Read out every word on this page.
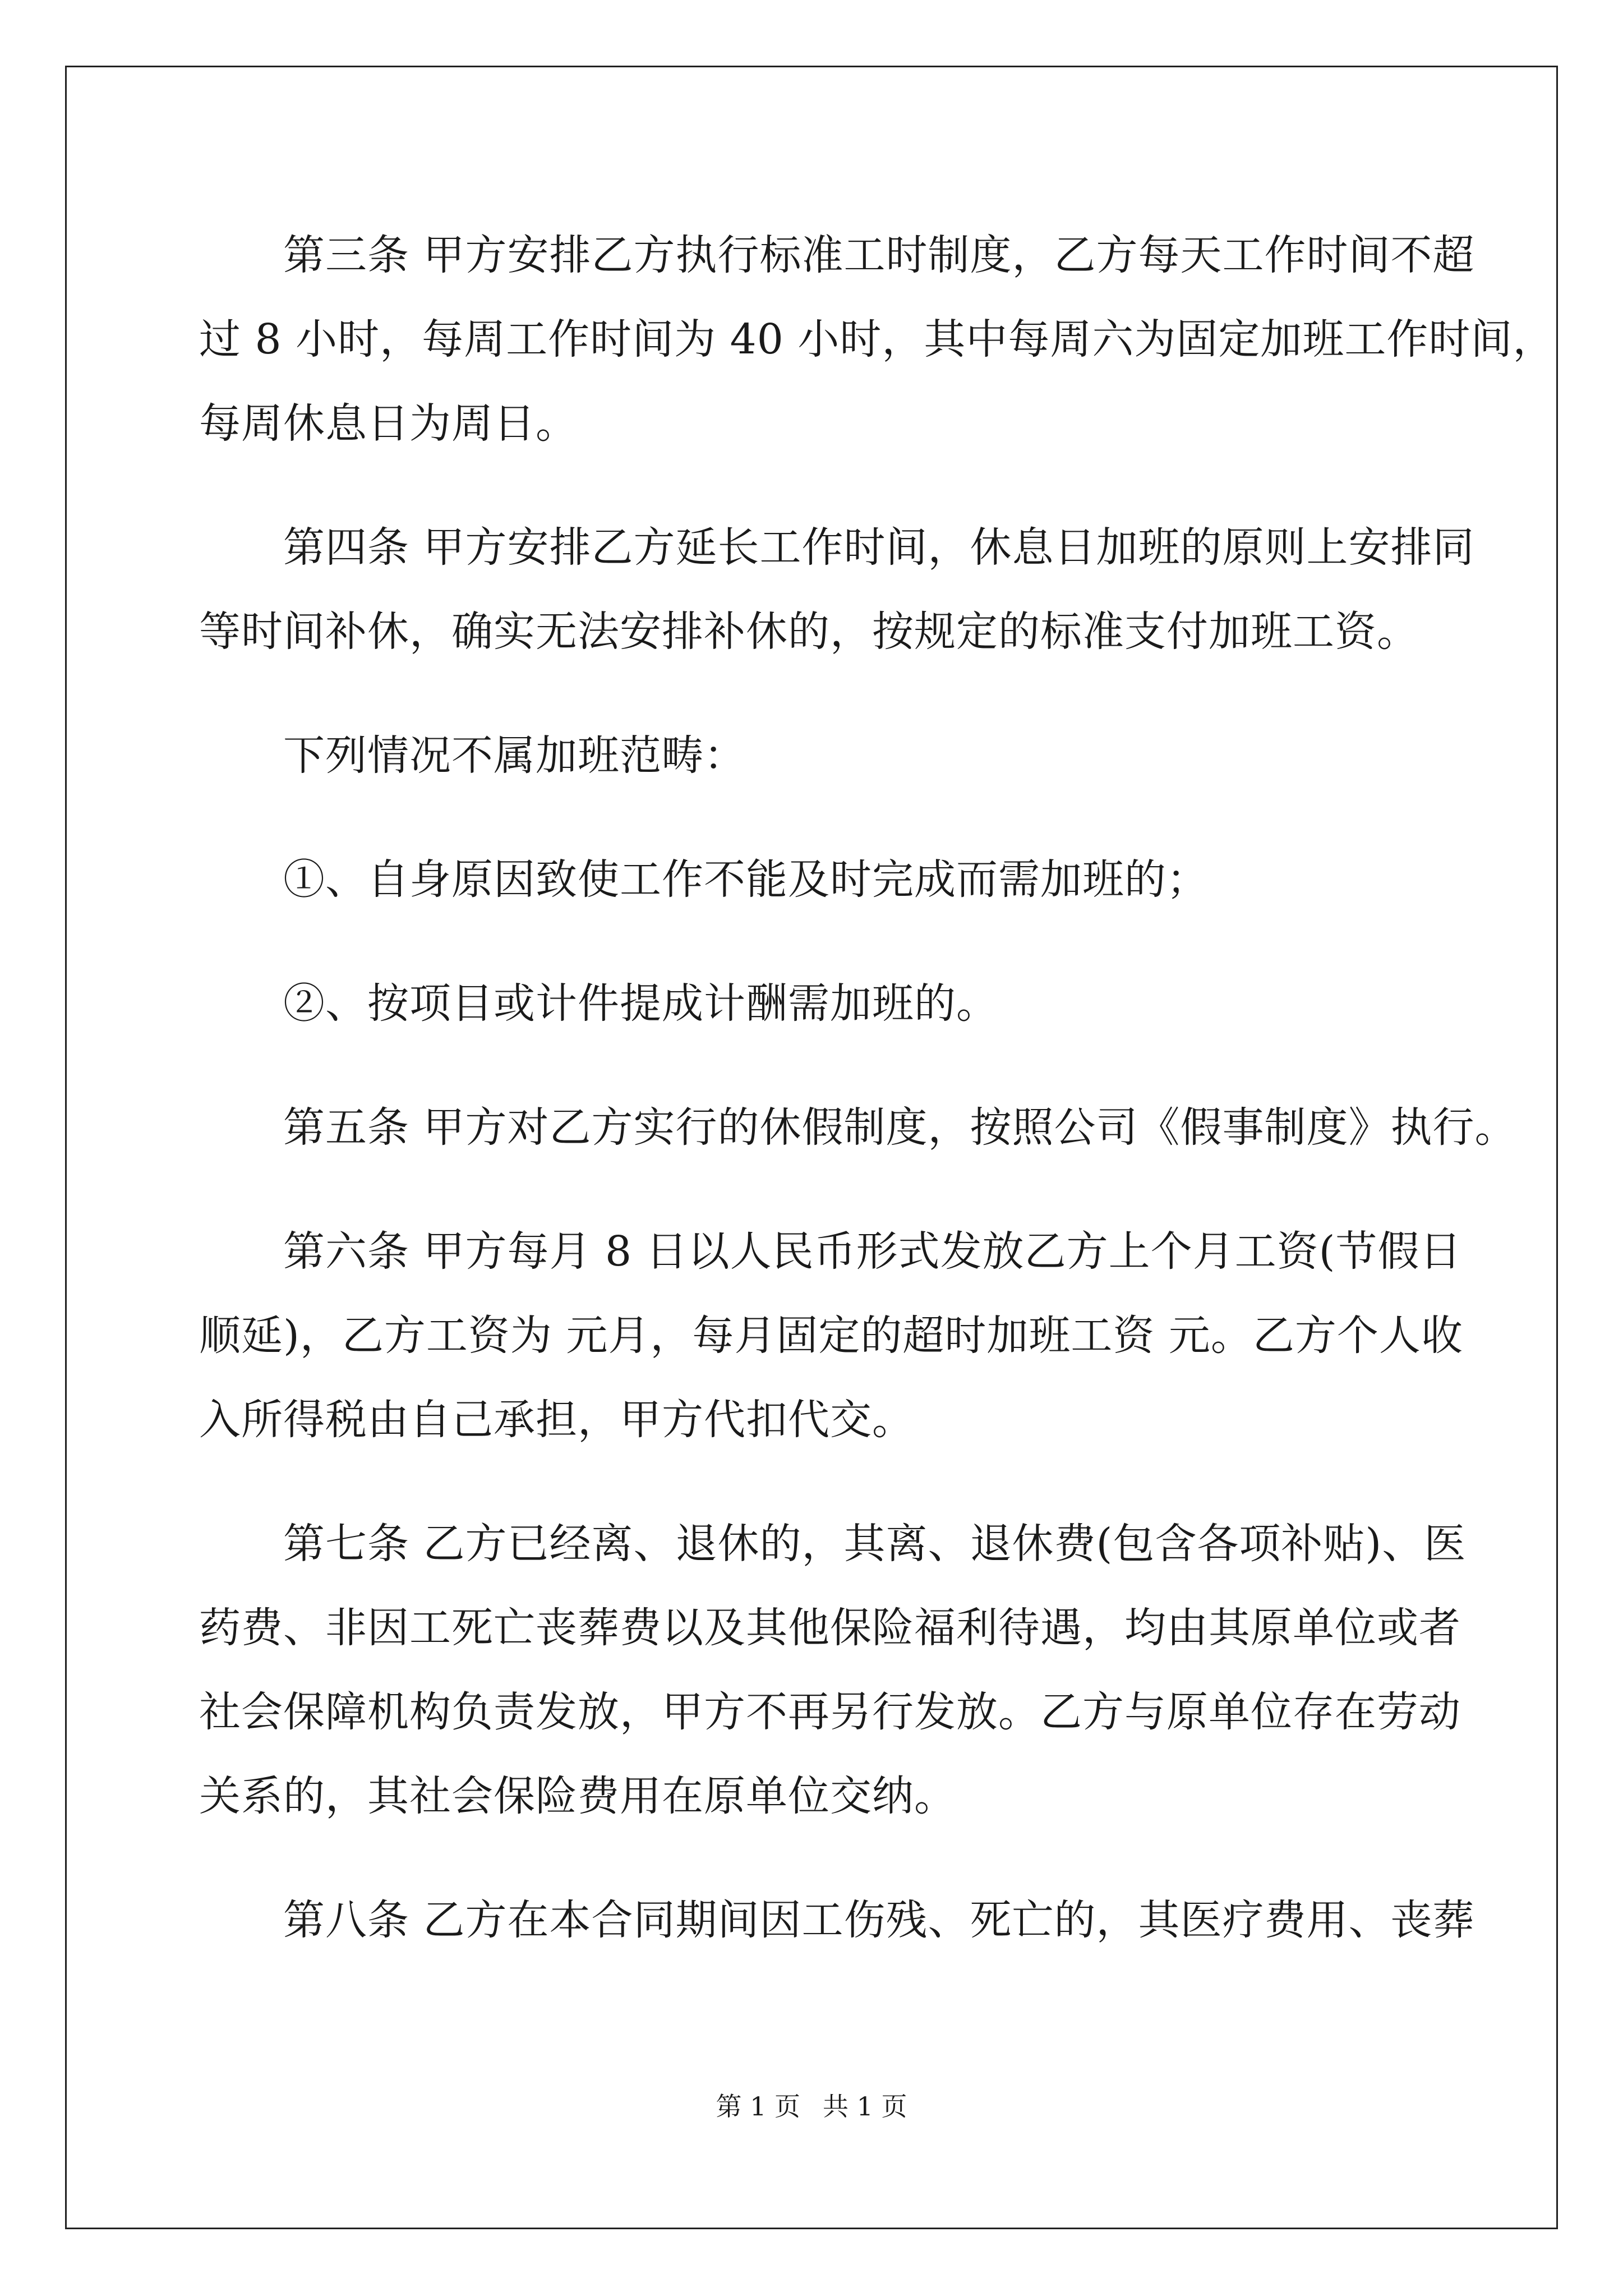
第三条 甲方安排乙方执行标准工时制度，乙方每天工作时间不超
过 8 小时，每周工作时间为 40 小时，其中每周六为固定加班工作时间，
每周休息日为周日。
第四条 甲方安排乙方延长工作时间，休息日加班的原则上安排同
等时间补休，确实无法安排补休的，按规定的标准支付加班工资。
下列情况不属加班范畴：
①、自身原因致使工作不能及时完成而需加班的；
②、按项目或计件提成计酬需加班的。
第五条 甲方对乙方实行的休假制度，按照公司《假事制度》执行。
第六条 甲方每月 8 日以人民币形式发放乙方上个月工资(节假日
顺延)，乙方工资为 元月，每月固定的超时加班工资 元。乙方个人收
入所得税由自己承担，甲方代扣代交。
第七条 乙方已经离、退休的，其离、退休费(包含各项补贴)、医
药费、非因工死亡丧葬费以及其他保险福利待遇，均由其原单位或者
社会保障机构负责发放，甲方不再另行发放。乙方与原单位存在劳动
关系的，其社会保险费用在原单位交纳。
第八条 乙方在本合同期间因工伤残、死亡的，其医疗费用、丧葬
第 1 页 共 1 页
